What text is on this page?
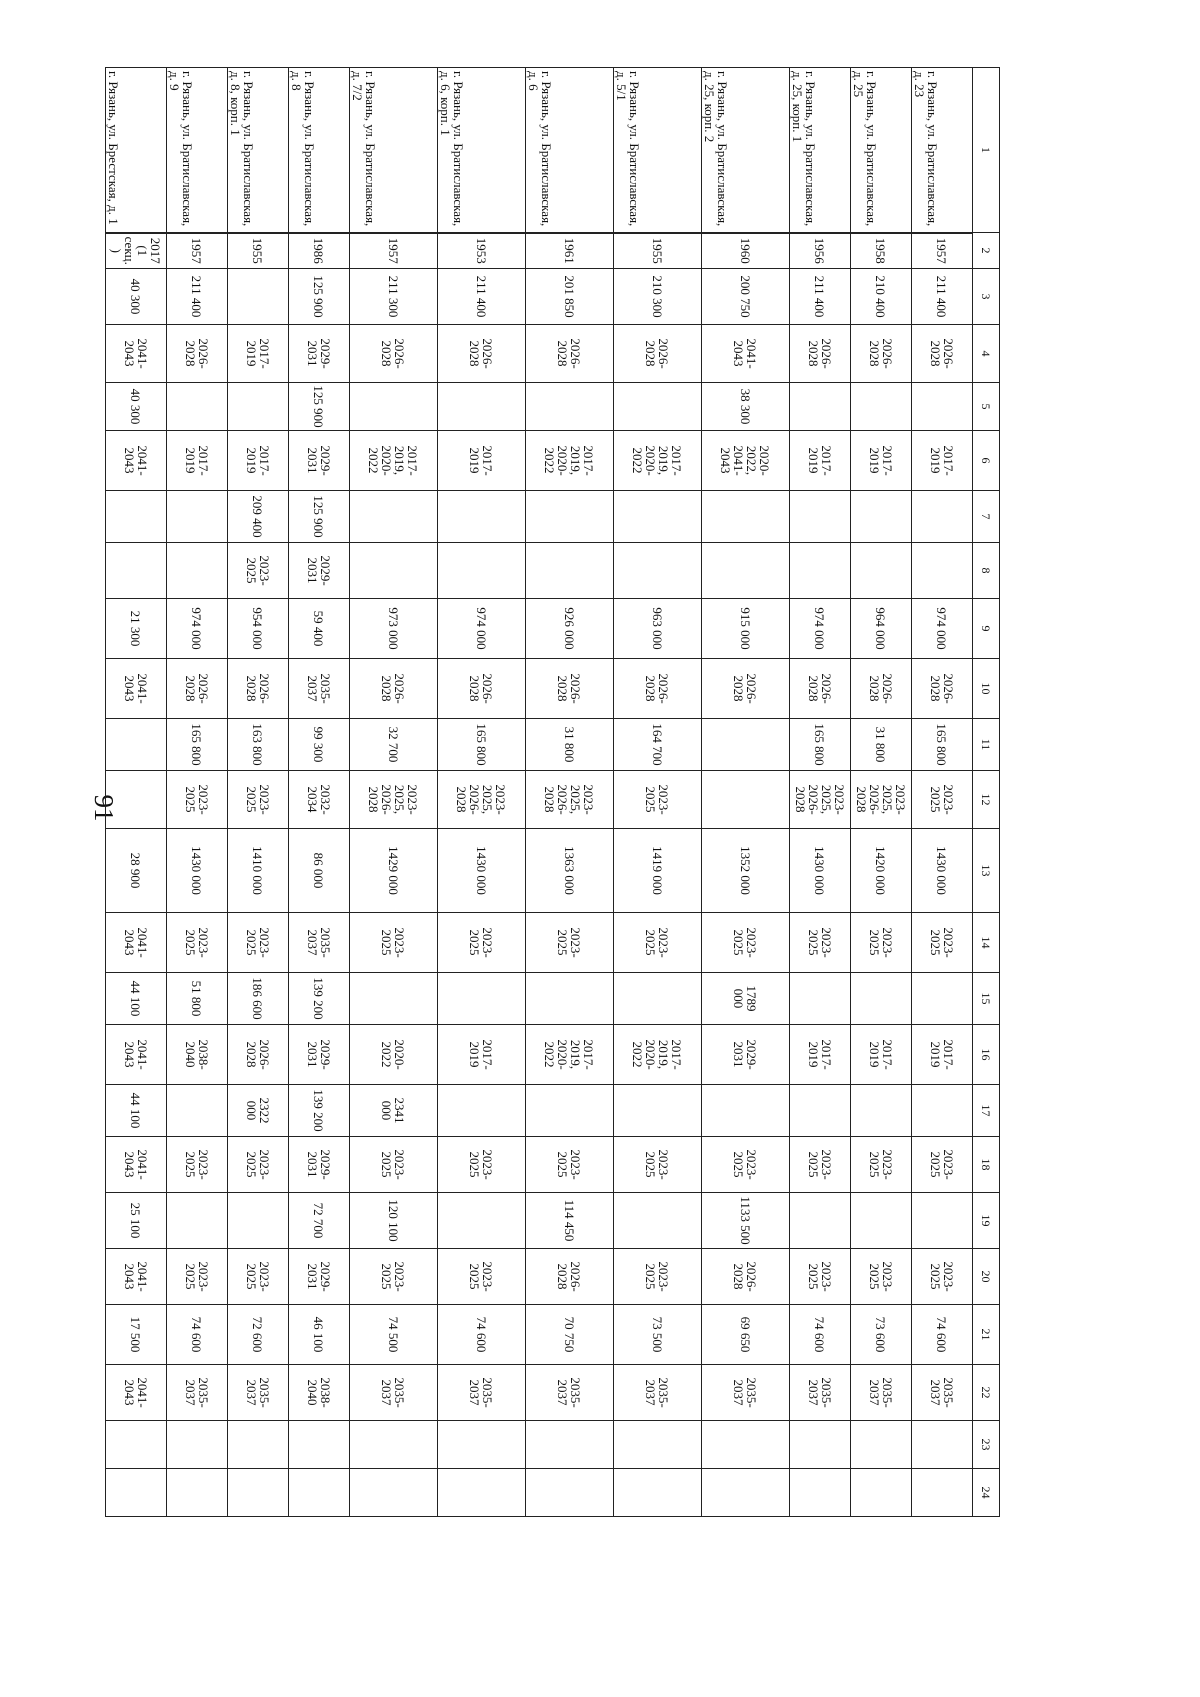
91
1	2	3	4	5	6	7	8	9	10	11	12	13	14	15	16	17	18	19	20	21	22	23	24
г. Рязань, ул. Братиславская, д. 23	1957	211 400	2026-2028		2017-2019			974 000	2026-2028	165 800	2023-2025	1430 000	2023-2025		2017-2019		2023-2025		2023-2025	74 600	2035-2037		
г. Рязань, ул. Братиславская, д. 25	1958	210 400	2026-2028		2017-2019			964 000	2026-2028	31 800	2023-2025, 2026-2028	1420 000	2023-2025		2017-2019		2023-2025		2023-2025	73 600	2035-2037		
г. Рязань, ул. Братиславская, д. 25, корп. 1	1956	211 400	2026-2028		2017-2019			974 000	2026-2028	165 800	2023-2025, 2026-2028	1430 000	2023-2025		2017-2019		2023-2025		2023-2025	74 600	2035-2037		
г. Рязань, ул. Братиславская, д. 25, корп. 2	1960	200 750	2041-2043	38 300	2020-2022, 2041-2043			915 000	2026-2028			1352 000	2023-2025	1789 000	2029-2031		2023-2025	1133 500	2026-2028	69 650	2035-2037		
г. Рязань, ул. Братиславская, д. 5/1	1955	210 300	2026-2028		2017-2019, 2020-2022			963 000	2026-2028	164 700	2023-2025	1419 000	2023-2025		2017-2019, 2020-2022		2023-2025		2023-2025	73 500	2035-2037		
г. Рязань, ул. Братиславская, д. 6	1961	201 850	2026-2028		2017-2019, 2020-2022			926 000	2026-2028	31 800	2023-2025, 2026-2028	1363 000	2023-2025		2017-2019, 2020-2022		2023-2025	114 450	2026-2028	70 750	2035-2037		
г. Рязань, ул. Братиславская, д. 6, корп. 1	1953	211 400	2026-2028		2017-2019			974 000	2026-2028	165 800	2023-2025, 2026-2028	1430 000	2023-2025		2017-2019		2023-2025		2023-2025	74 600	2035-2037		
г. Рязань, ул. Братиславская, д. 7/2	1957	211 300	2026-2028		2017-2019, 2020-2022			973 000	2026-2028	32 700	2023-2025, 2026-2028	1429 000	2023-2025		2020-2022	2341 000	2023-2025	120 100	2023-2025	74 500	2035-2037		
г. Рязань, ул. Братиславская, д. 8	1986	125 900	2029-2031	125 900	2029-2031	125 900	2029-2031	59 400	2035-2037	99 300	2032-2034	86 000	2035-2037	139 200	2029-2031	139 200	2029-2031	72 700	2029-2031	46 100	2038-2040		
г. Рязань, ул. Братиславская, д. 8, корп. 1	1955		2017-2019		2017-2019	209 400	2023-2025	954 000	2026-2028	163 800	2023-2025	1410 000	2023-2025	186 600	2026-2028	2322 000	2023-2025		2023-2025	72 600	2035-2037		
г. Рязань, ул. Братиславская, д. 9	1957	211 400	2026-2028		2017-2019			974 000	2026-2028	165 800	2023-2025	1430 000	2023-2025	51 800	2038-2040		2023-2025		2023-2025	74 600	2035-2037		
г. Рязань, ул. Брестская, д. 1	2017 (1 секц.)	40 300	2041-2043	40 300	2041-2043			21 300	2041-2043			28 900	2041-2043	44 100	2041-2043	44 100	2041-2043	25 100	2041-2043	17 500	2041-2043		
